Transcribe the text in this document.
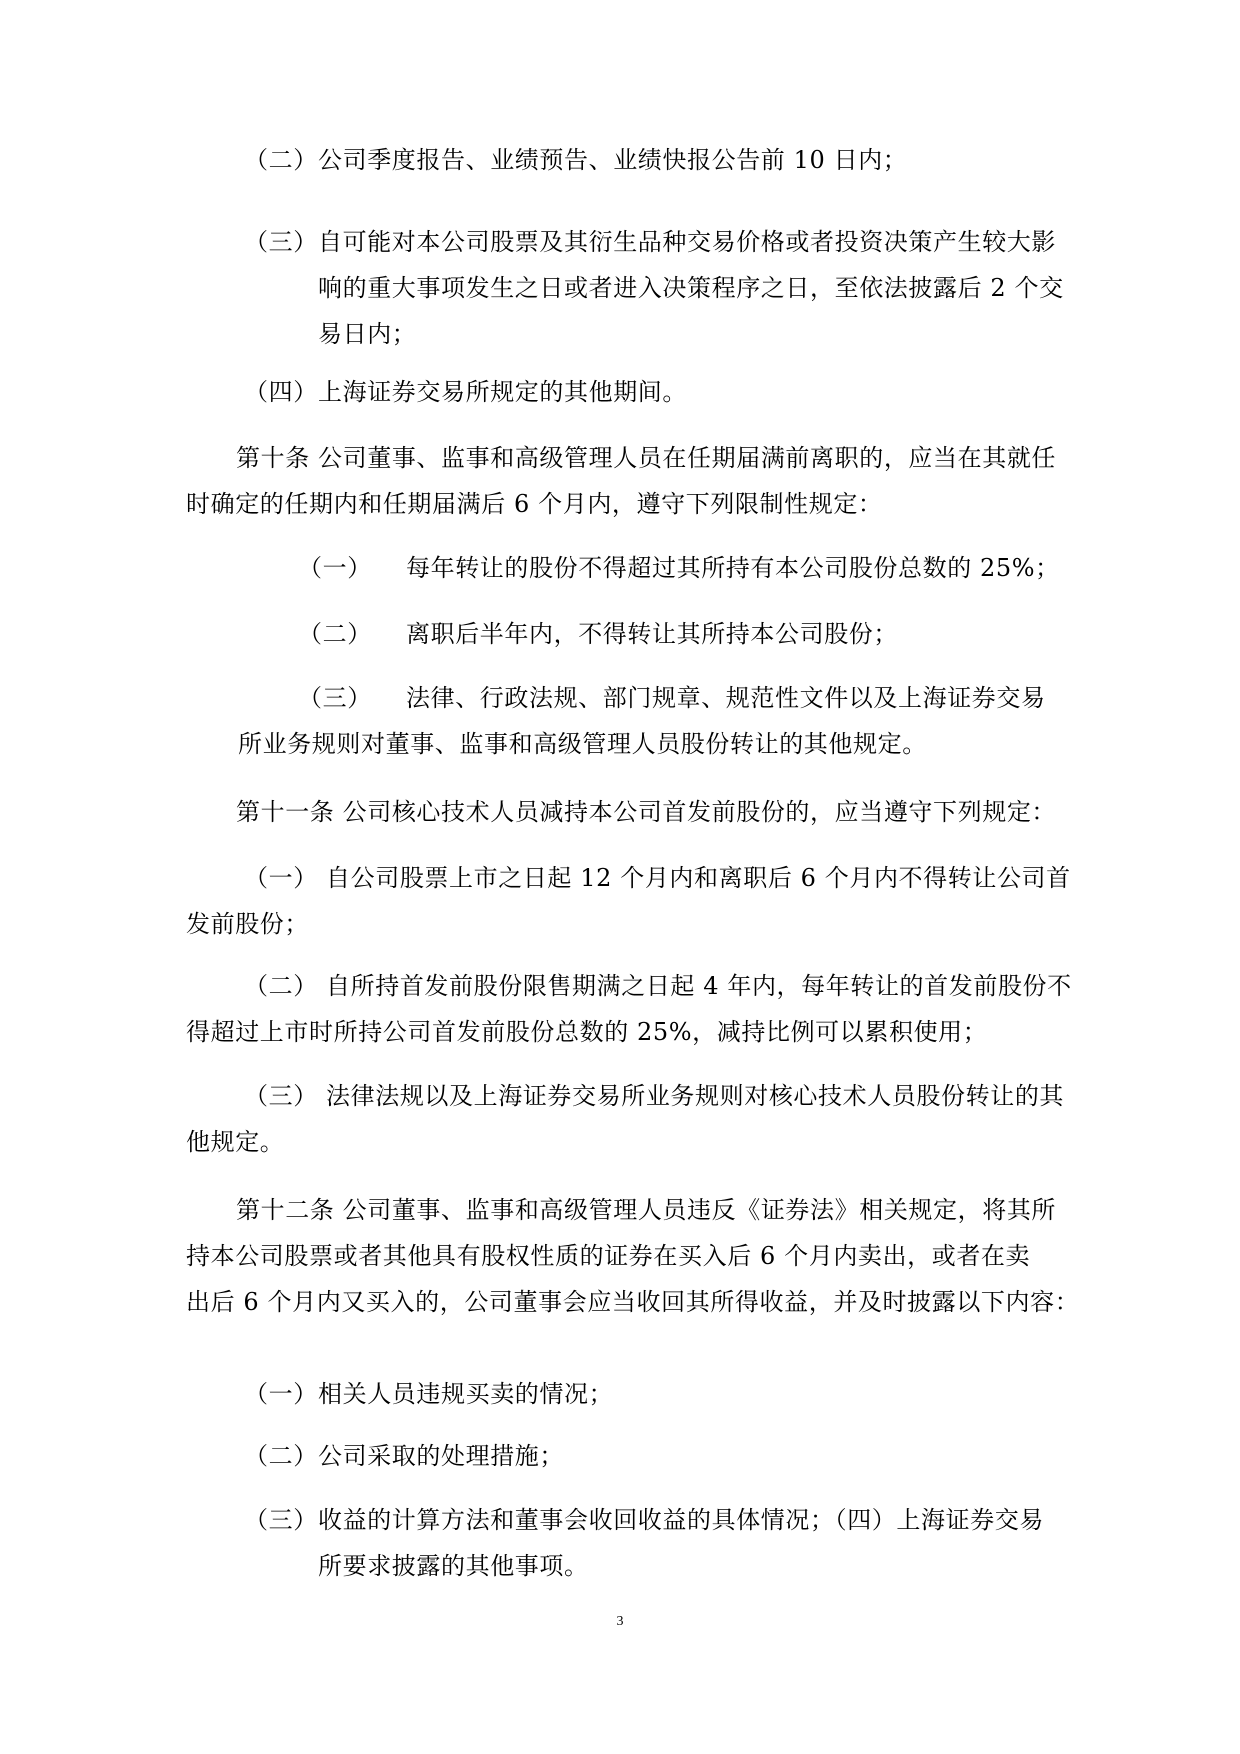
（二） 公司季度报告、业绩预告、业绩快报公告前 10 日内；
（三） 自可能对本公司股票及其衍生品种交易价格或者投资决策产生较大影
响的重大事项发生之日或者进入决策程序之日，至依法披露后 2 个交
易日内；
（四） 上海证券交易所规定的其他期间。
第十条 公司董事、监事和高级管理人员在任期届满前离职的，应当在其就任
时确定的任期内和任期届满后 6 个月内，遵守下列限制性规定：
（一） 每年转让的股份不得超过其所持有本公司股份总数的 25%；
（二） 离职后半年内，不得转让其所持本公司股份；
（三） 法律、行政法规、部门规章、规范性文件以及上海证券交易
所业务规则对董事、监事和高级管理人员股份转让的其他规定。
第十一条 公司核心技术人员减持本公司首发前股份的，应当遵守下列规定：
（一） 自公司股票上市之日起 12 个月内和离职后 6 个月内不得转让公司首
发前股份；
（二） 自所持首发前股份限售期满之日起 4 年内，每年转让的首发前股份不
得超过上市时所持公司首发前股份总数的 25%，减持比例可以累积使用；
（三） 法律法规以及上海证券交易所业务规则对核心技术人员股份转让的其
他规定。
第十二条 公司董事、监事和高级管理人员违反《证券法》相关规定，将其所
持本公司股票或者其他具有股权性质的证券在买入后 6 个月内卖出，或者在卖
出后 6 个月内又买入的，公司董事会应当收回其所得收益，并及时披露以下内容：
（一） 相关人员违规买卖的情况；
（二） 公司采取的处理措施；
（三） 收益的计算方法和董事会收回收益的具体情况；（四）上海证券交易
所要求披露的其他事项。
3
